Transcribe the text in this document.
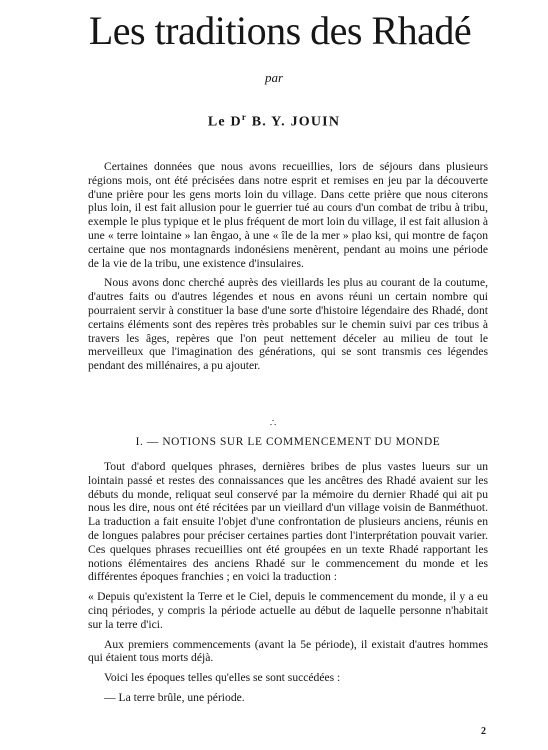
Les traditions des Rhadé
par
Le $D^r$ B. Y. JOUIN

Certaines données que nous avons recueillies, lors de séjours dans plusieurs régions mois, ont été précisées dans notre esprit et remises en jeu par la découverte d'une prière pour les gens morts loin du village. Dans cette prière que nous citerons plus loin, il est fait allusion pour le guerrier tué au cours d'un combat de tribu à tribu, exemple le plus typique et le plus fréquent de mort loin du village, il est fait allusion à une « terre lointaine » lan êngao, à une « île de la mer » plao ksi, qui montre de façon certaine que nos montagnards indonésiens menèrent, pendant au moins une période de la vie de la tribu, une existence d'insulaires.

Nous avons donc cherché auprès des vieillards les plus au courant de la coutume, d'autres faits ou d'autres légendes et nous en avons réuni un certain nombre qui pourraient servir à constituer la base d'une sorte d'histoire légendaire des Rhadé, dont certains éléments sont des repères très probables sur le chemin suivi par ces tribus à travers les âges, repères que l'on peut nettement déceler au milieu de tout le merveilleux que l'imagination des générations, qui se sont transmis ces légendes pendant des millénaires, a pu ajouter.

∴
I. — NOTIONS SUR LE COMMENCEMENT DU MONDE

Tout d'abord quelques phrases, dernières bribes de plus vastes lueurs sur un lointain passé et restes des connaissances que les ancêtres des Rhadé avaient sur les débuts du monde, reliquat seul conservé par la mémoire du dernier Rhadé qui ait pu nous les dire, nous ont été récitées par un vieillard d'un village voisin de Banméthuot. La traduction a fait ensuite l'objet d'une confrontation de plusieurs anciens, réunis en de longues palabres pour préciser certaines parties dont l'interprétation pouvait varier. Ces quelques phrases recueillies ont été groupées en un texte Rhadé rapportant les notions élémentaires des anciens Rhadé sur le commencement du monde et les différentes époques franchies ; en voici la traduction :

« Depuis qu'existent la Terre et le Ciel, depuis le commencement du monde, il y a eu cinq périodes, y compris la période actuelle au début de laquelle personne n'habitait sur la terre d'ici.

Aux premiers commencements (avant la 5e période), il existait d'autres hommes qui étaient tous morts déjà.

Voici les époques telles qu'elles se sont succédées :

— La terre brûle, une période.

2
